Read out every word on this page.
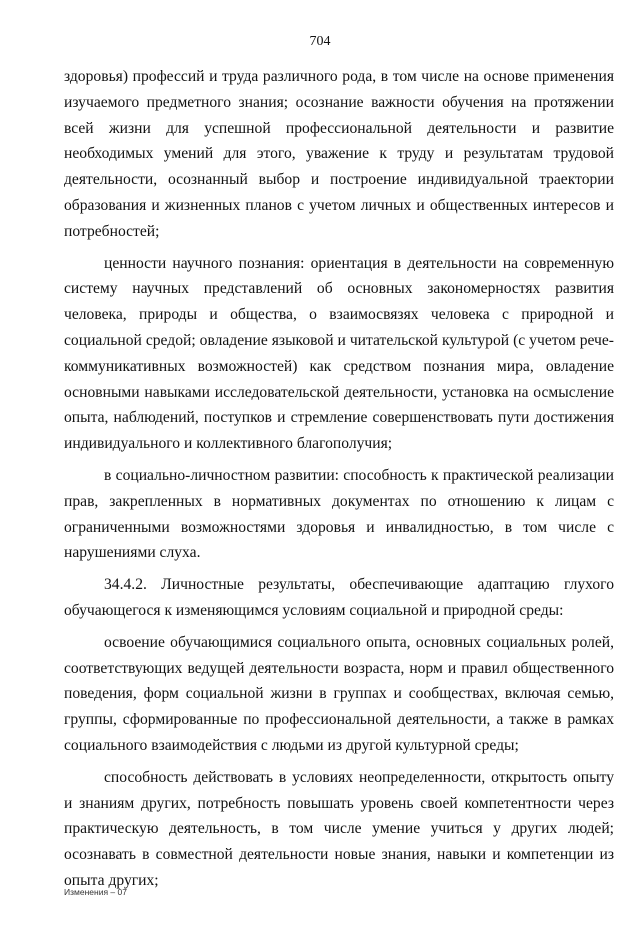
704

здоровья) профессий и труда различного рода, в том числе на основе применения изучаемого предметного знания; осознание важности обучения на протяжении всей жизни для успешной профессиональной деятельности и развитие необходимых умений для этого, уважение к труду и результатам трудовой деятельности, осознанный выбор и построение индивидуальной траектории образования и жизненных планов с учетом личных и общественных интересов и потребностей;

ценности научного познания: ориентация в деятельности на современную систему научных представлений об основных закономерностях развития человека, природы и общества, о взаимосвязях человека с природной и социальной средой; овладение языковой и читательской культурой (с учетом рече-коммуникативных возможностей) как средством познания мира, овладение основными навыками исследовательской деятельности, установка на осмысление опыта, наблюдений, поступков и стремление совершенствовать пути достижения индивидуального и коллективного благополучия;

в социально-личностном развитии: способность к практической реализации прав, закрепленных в нормативных документах по отношению к лицам с ограниченными возможностями здоровья и инвалидностью, в том числе с нарушениями слуха.

34.4.2. Личностные результаты, обеспечивающие адаптацию глухого обучающегося к изменяющимся условиям социальной и природной среды:

освоение обучающимися социального опыта, основных социальных ролей, соответствующих ведущей деятельности возраста, норм и правил общественного поведения, форм социальной жизни в группах и сообществах, включая семью, группы, сформированные по профессиональной деятельности, а также в рамках социального взаимодействия с людьми из другой культурной среды;

способность действовать в условиях неопределенности, открытость опыту и знаниям других, потребность повышать уровень своей компетентности через практическую деятельность, в том числе умение учиться у других людей; осознавать в совместной деятельности новые знания, навыки и компетенции из опыта других;

Изменения – 07
